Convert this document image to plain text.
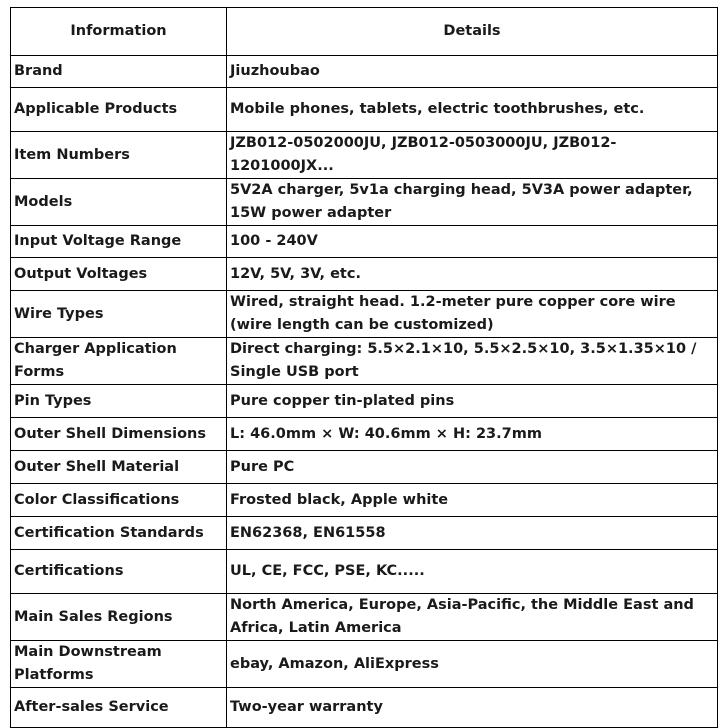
Information	Details
Brand	Jiuzhoubao
Applicable Products	Mobile phones, tablets, electric toothbrushes, etc.
Item Numbers	JZB012-0502000JU, JZB012-0503000JU, JZB012-1201000JX...
Models	5V2A charger, 5v1a charging head, 5V3A power adapter, 15W power adapter
Input Voltage Range	100 - 240V
Output Voltages	12V, 5V, 3V, etc.
Wire Types	Wired, straight head. 1.2-meter pure copper core wire (wire length can be customized)
Charger Application Forms	Direct charging: 5.5×2.1×10, 5.5×2.5×10, 3.5×1.35×10 / Single USB port
Pin Types	Pure copper tin-plated pins
Outer Shell Dimensions	L: 46.0mm × W: 40.6mm × H: 23.7mm
Outer Shell Material	Pure PC
Color Classifications	Frosted black, Apple white
Certification Standards	EN62368, EN61558
Certifications	UL, CE, FCC, PSE, KC.....
Main Sales Regions	North America, Europe, Asia-Pacific, the Middle East and Africa, Latin America
Main Downstream Platforms	ebay, Amazon, AliExpress
After-sales Service	Two-year warranty
